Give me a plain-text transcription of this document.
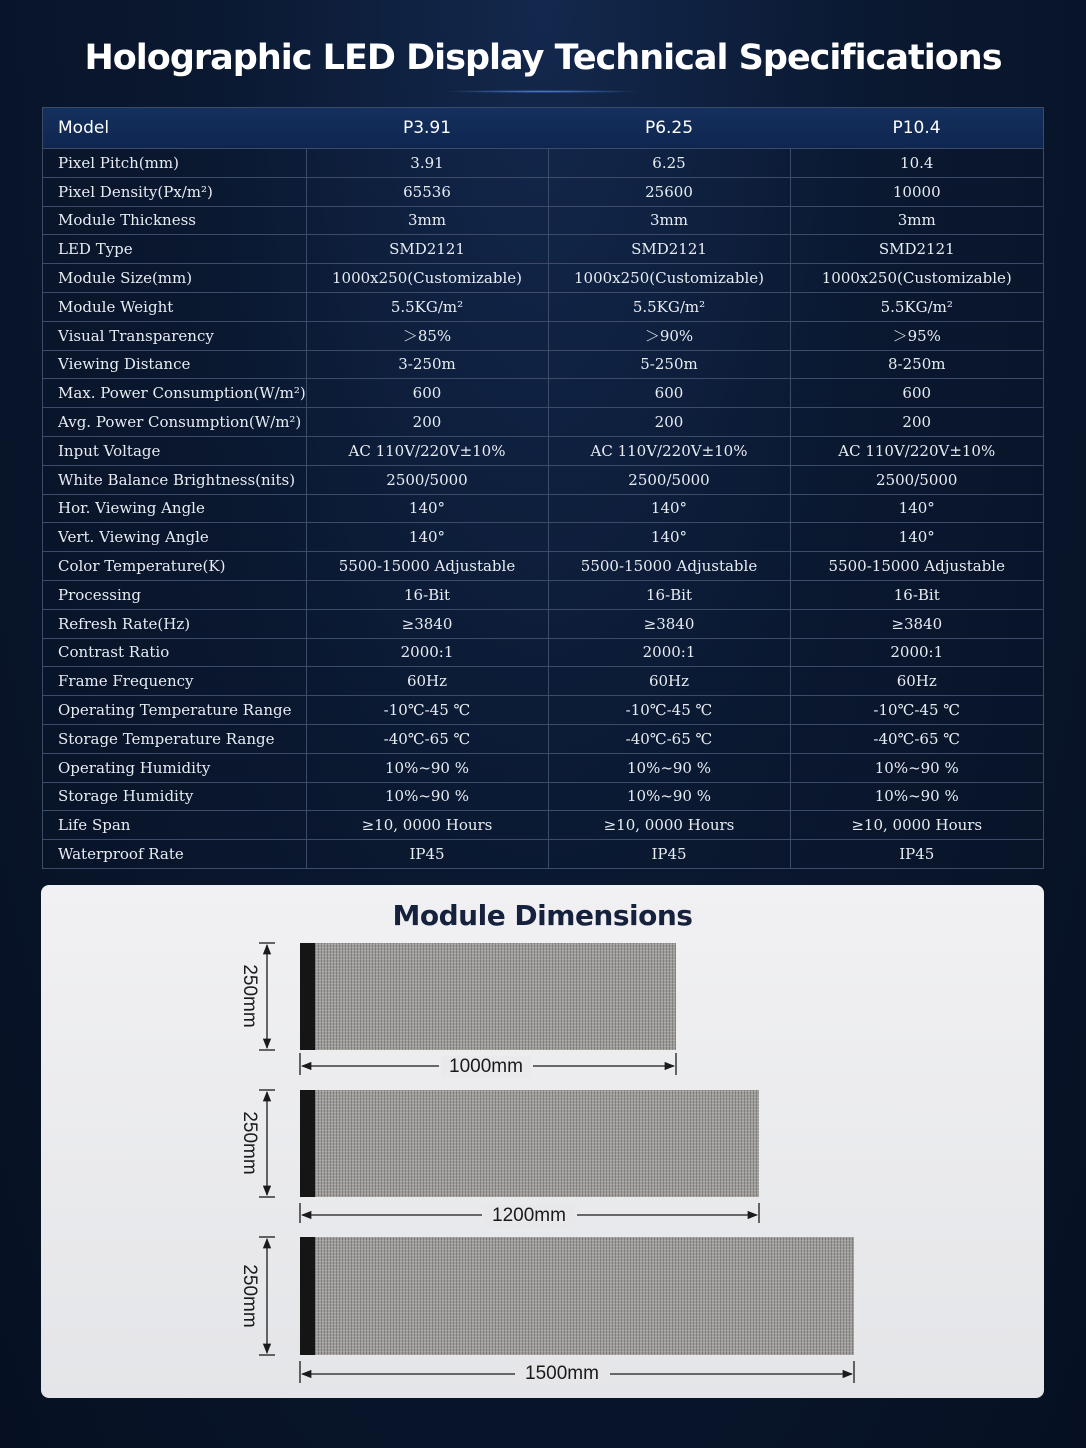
Holographic LED Display Technical Specifications
Model	P3.91	P6.25	P10.4
Pixel Pitch(mm)	3.91	6.25	10.4
Pixel Density(Px/m²)	65536	25600	10000
Module Thickness	3mm	3mm	3mm
LED Type	SMD2121	SMD2121	SMD2121
Module Size(mm)	1000x250(Customizable)	1000x250(Customizable)	1000x250(Customizable)
Module Weight	5.5KG/m²	5.5KG/m²	5.5KG/m²
Visual Transparency	＞85%	＞90%	＞95%
Viewing Distance	3-250m	5-250m	8-250m
Max. Power Consumption(W/m²)	600	600	600
Avg. Power Consumption(W/m²)	200	200	200
Input Voltage	AC 110V/220V±10%	AC 110V/220V±10%	AC 110V/220V±10%
White Balance Brightness(nits)	2500/5000	2500/5000	2500/5000
Hor. Viewing Angle	140°	140°	140°
Vert. Viewing Angle	140°	140°	140°
Color Temperature(K)	5500-15000 Adjustable	5500-15000 Adjustable	5500-15000 Adjustable
Processing	16-Bit	16-Bit	16-Bit
Refresh Rate(Hz)	≥3840	≥3840	≥3840
Contrast Ratio	2000:1	2000:1	2000:1
Frame Frequency	60Hz	60Hz	60Hz
Operating Temperature Range	-10℃-45 ℃	-10℃-45 ℃	-10℃-45 ℃
Storage Temperature Range	-40℃-65 ℃	-40℃-65 ℃	-40℃-65 ℃
Operating Humidity	10%~90 %	10%~90 %	10%~90 %
Storage Humidity	10%~90 %	10%~90 %	10%~90 %
Life Span	≥10, 0000 Hours	≥10, 0000 Hours	≥10, 0000 Hours
Waterproof Rate	IP45	IP45	IP45
Module Dimensions
250mm
1000mm
250mm
1200mm
250mm
1500mm
